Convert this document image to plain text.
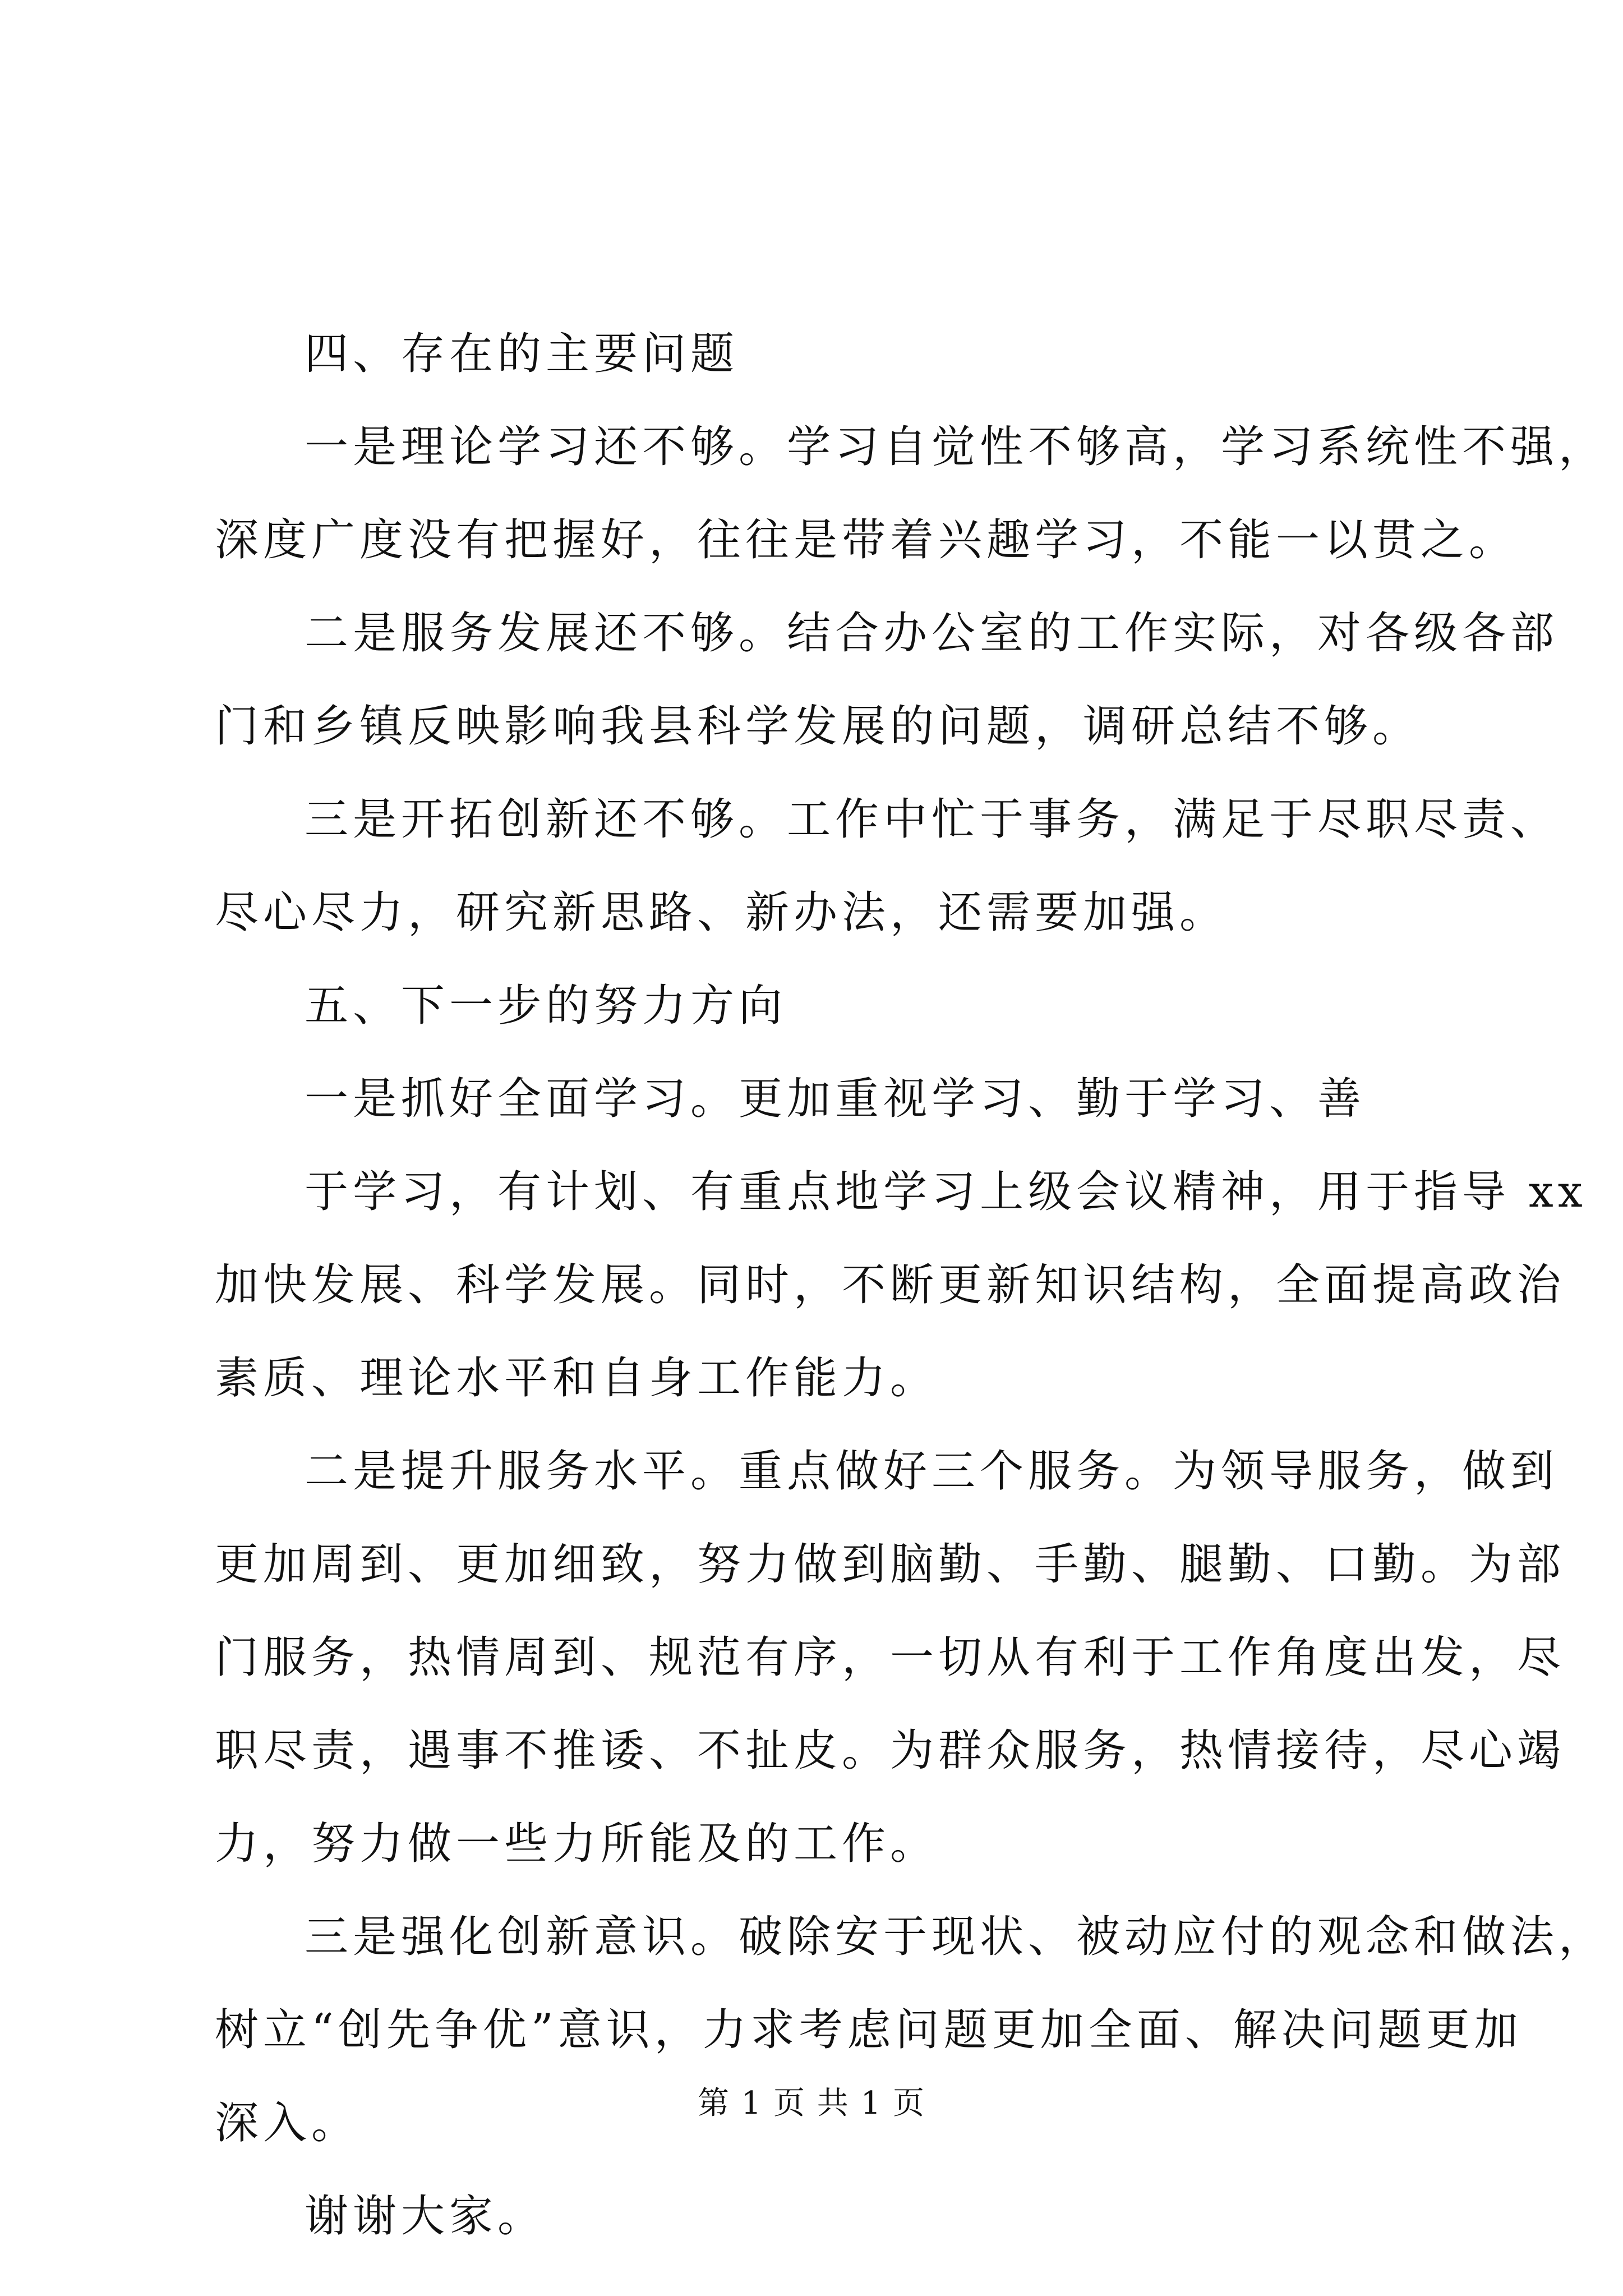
四、存在的主要问题
一是理论学习还不够。学习自觉性不够高，学习系统性不强，
深度广度没有把握好，往往是带着兴趣学习，不能一以贯之。
二是服务发展还不够。结合办公室的工作实际，对各级各部
门和乡镇反映影响我县科学发展的问题，调研总结不够。
三是开拓创新还不够。工作中忙于事务，满足于尽职尽责、
尽心尽力，研究新思路、新办法，还需要加强。
五、下一步的努力方向
一是抓好全面学习。更加重视学习、勤于学习、善
于学习，有计划、有重点地学习上级会议精神，用于指导 xx
加快发展、科学发展。同时，不断更新知识结构，全面提高政治
素质、理论水平和自身工作能力。
二是提升服务水平。重点做好三个服务。为领导服务，做到
更加周到、更加细致，努力做到脑勤、手勤、腿勤、口勤。为部
门服务，热情周到、规范有序，一切从有利于工作角度出发，尽
职尽责，遇事不推诿、不扯皮。为群众服务，热情接待，尽心竭
力，努力做一些力所能及的工作。
三是强化创新意识。破除安于现状、被动应付的观念和做法，
树立“创先争优”意识，力求考虑问题更加全面、解决问题更加
深入。
谢谢大家。
第 1 页 共 1 页
